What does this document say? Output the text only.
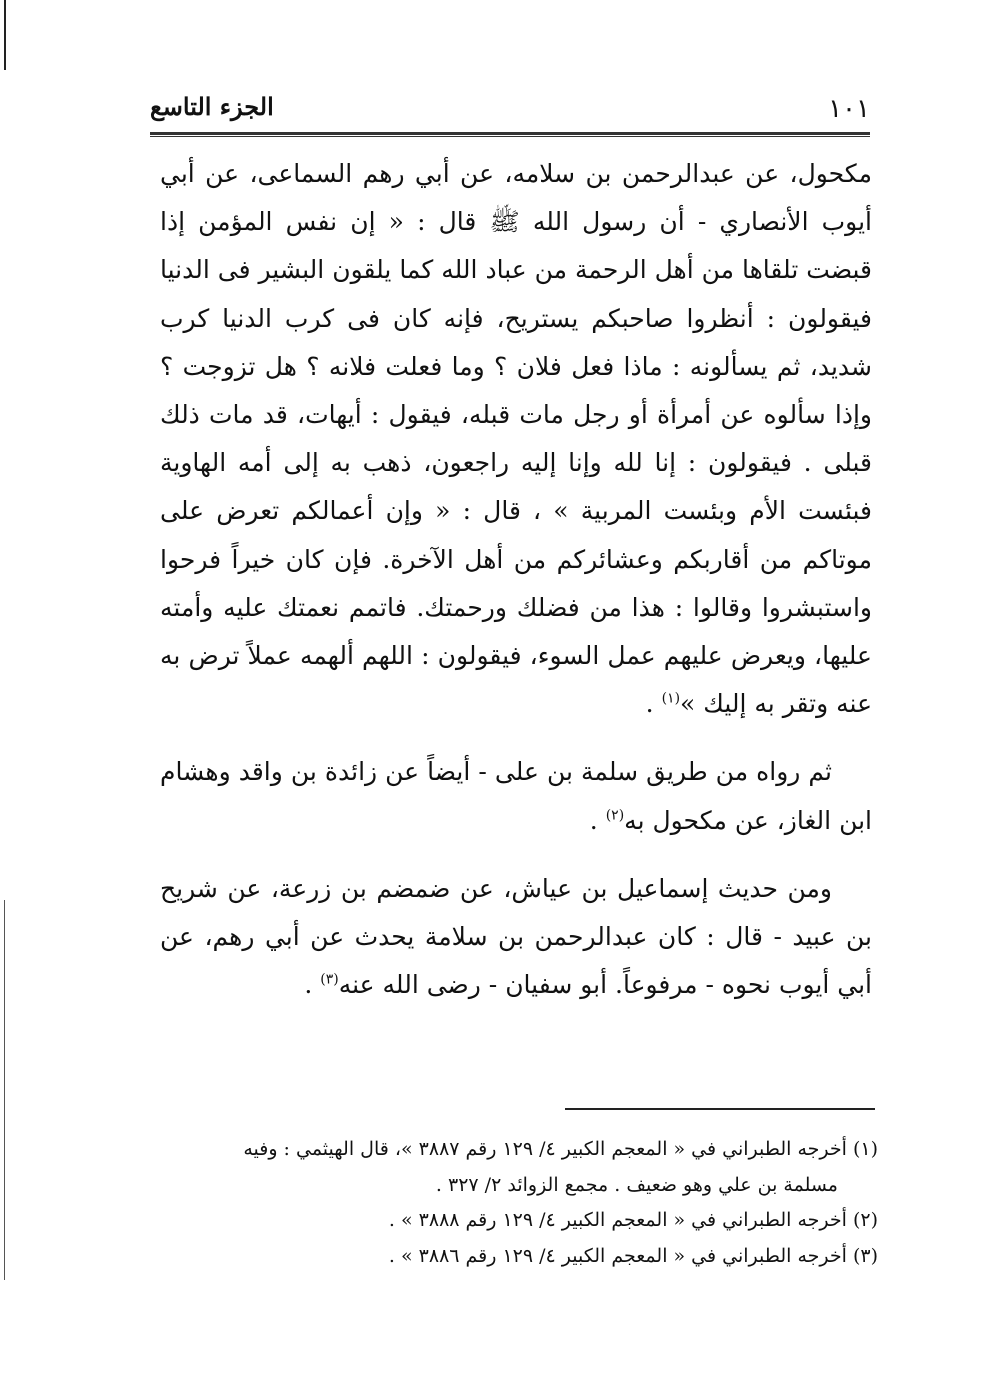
١٠١
الجزء التاسع

مكحول، عن عبدالرحمن بن سلامه، عن أبي رهم السماعى، عن أبي أيوب الأنصاري - أن رسول الله ﷺ قال : « إن نفس المؤمن إذا قبضت تلقاها من أهل الرحمة من عباد الله كما يلقون البشير فى الدنيا فيقولون : أنظروا صاحبكم يستريح، فإنه كان فى كرب الدنيا كرب شديد، ثم يسألونه : ماذا فعل فلان ؟ وما فعلت فلانه ؟ هل تزوجت ؟ وإذا سألوه عن أمرأة أو رجل مات قبله، فيقول : أيهات، قد مات ذلك قبلى . فيقولون : إنا لله وإنا إليه راجعون، ذهب به إلى أمه الهاوية فبئست الأم وبئست المربية » ، قال : « وإن أعمالكم تعرض على موتاكم من أقاربكم وعشائركم من أهل الآخرة. فإن كان خيراً فرحوا واستبشروا وقالوا : هذا من فضلك ورحمتك. فاتمم نعمتك عليه وأمته عليها، ويعرض عليهم عمل السوء، فيقولون : اللهم ألهمه عملاً ترض به عنه وتقر به إليك »$^{(١)}$ .

ثم رواه من طريق سلمة بن على - أيضاً عن زائدة بن واقد وهشام ابن الغاز، عن مكحول به$^{(٢)}$ .

ومن حديث إسماعيل بن عياش، عن ضمضم بن زرعة، عن شريح بن عبيد - قال : كان عبدالرحمن بن سلامة يحدث عن أبي رهم، عن أبي أيوب نحوه - مرفوعاً. أبو سفيان - رضى الله عنه$^{(٣)}$ .

(١) أخرجه الطبراني في « المعجم الكبير ٤/ ١٢٩ رقم ٣٨٨٧ »، قال الهيثمي : وفيه

مسلمة بن علي وهو ضعيف . مجمع الزوائد ٢/ ٣٢٧ .

(٢) أخرجه الطبراني في « المعجم الكبير ٤/ ١٢٩ رقم ٣٨٨٨ » .

(٣) أخرجه الطبراني في « المعجم الكبير ٤/ ١٢٩ رقم ٣٨٨٦ » .
